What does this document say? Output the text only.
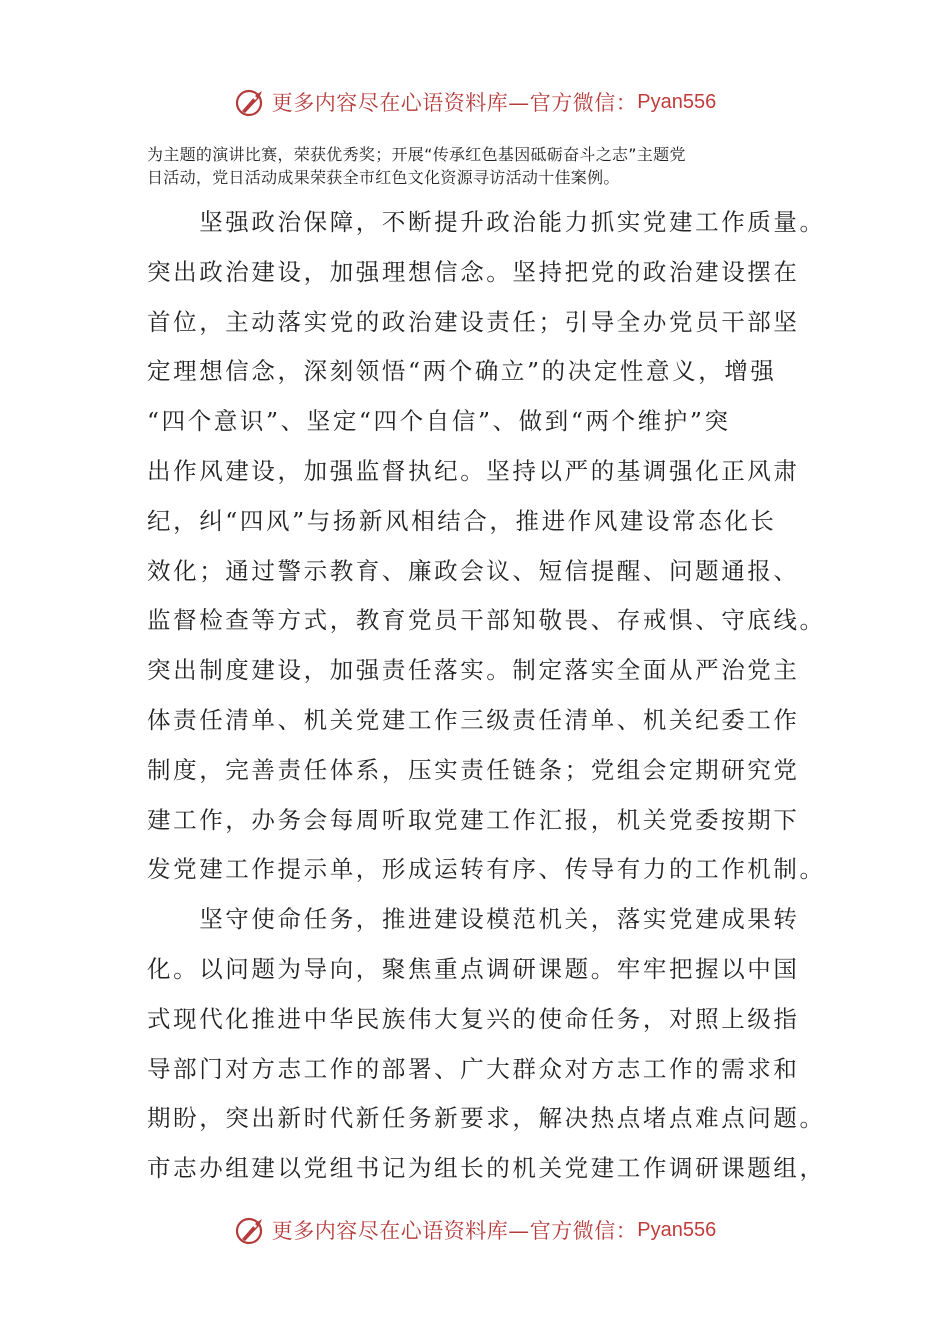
更多内容尽在心语资料库—官方微信： Pyan556

为主题的演讲比赛，荣获优秀奖；开展“传承红色基因砥砺奋斗之志”主题党

日活动，党日活动成果荣获全市红色文化资源寻访活动十佳案例。

　　坚强政治保障，不断提升政治能力抓实党建工作质量。

突出政治建设，加强理想信念。坚持把党的政治建设摆在

首位，主动落实党的政治建设责任；引导全办党员干部坚

定理想信念，深刻领悟“两个确立”的决定性意义，增强

“四个意识”、坚定“四个自信”、做到“两个维护”突

出作风建设，加强监督执纪。坚持以严的基调强化正风肃

纪，纠“四风”与扬新风相结合，推进作风建设常态化长

效化；通过警示教育、廉政会议、短信提醒、问题通报、

监督检查等方式，教育党员干部知敬畏、存戒惧、守底线。

突出制度建设，加强责任落实。制定落实全面从严治党主

体责任清单、机关党建工作三级责任清单、机关纪委工作

制度，完善责任体系，压实责任链条；党组会定期研究党

建工作，办务会每周听取党建工作汇报，机关党委按期下

发党建工作提示单，形成运转有序、传导有力的工作机制。

　　坚守使命任务，推进建设模范机关，落实党建成果转

化。以问题为导向，聚焦重点调研课题。牢牢把握以中国

式现代化推进中华民族伟大复兴的使命任务，对照上级指

导部门对方志工作的部署、广大群众对方志工作的需求和

期盼，突出新时代新任务新要求，解决热点堵点难点问题。

市志办组建以党组书记为组长的机关党建工作调研课题组，

更多内容尽在心语资料库—官方微信： Pyan556
